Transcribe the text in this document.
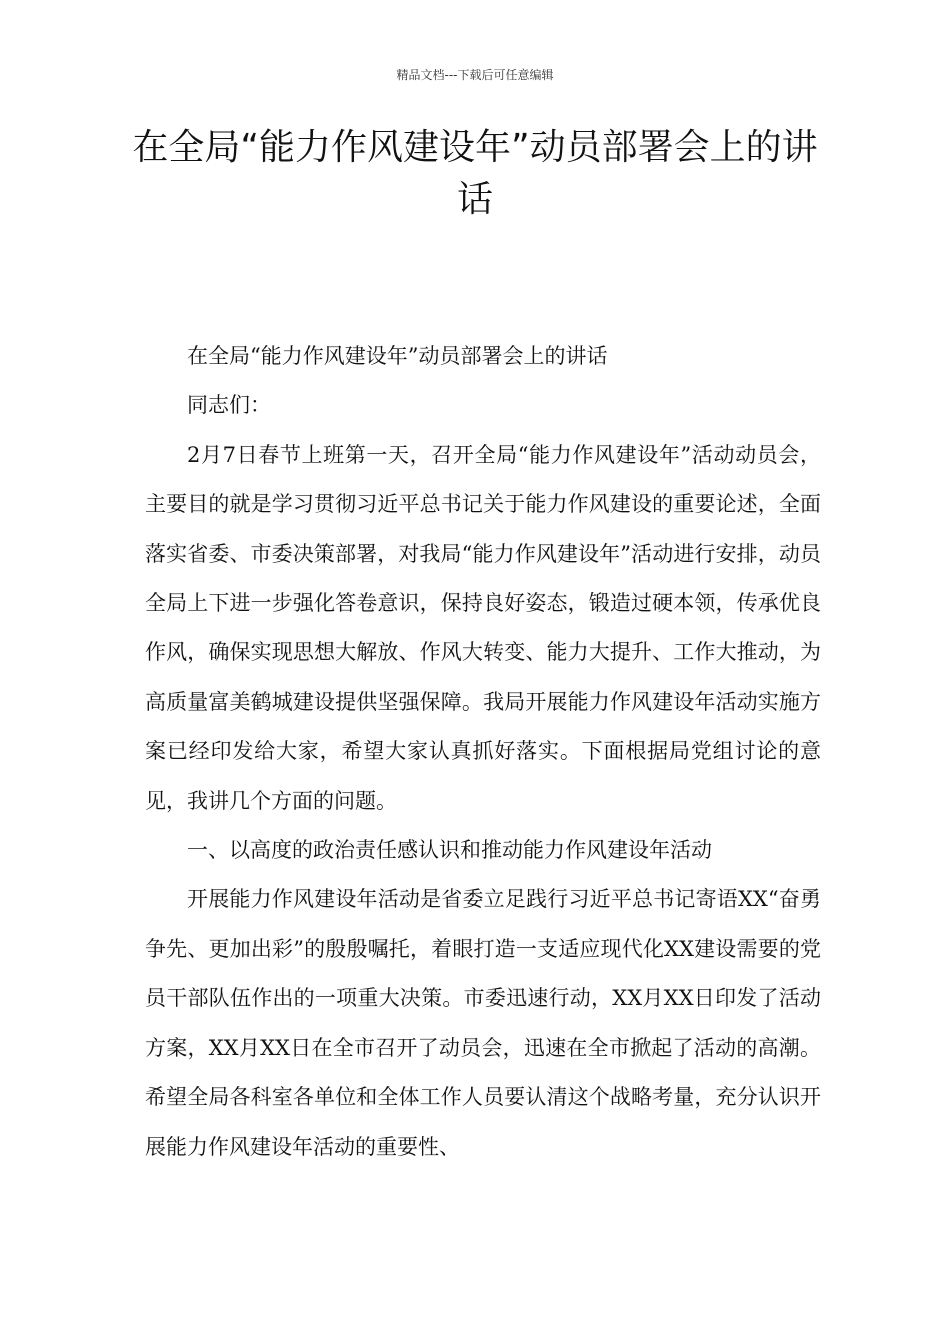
精品文档---下载后可任意编辑
在全局“能力作风建设年”动员部署会上的讲话

在全局“能力作风建设年”动员部署会上的讲话

同志们：

2月7日春节上班第一天，召开全局“能力作风建设年”活动动员会，主要目的就是学习贯彻习近平总书记关于能力作风建设的重要论述，全面落实省委、市委决策部署，对我局“能力作风建设年”活动进行安排，动员全局上下进一步强化答卷意识，保持良好姿态，锻造过硬本领，传承优良作风，确保实现思想大解放、作风大转变、能力大提升、工作大推动，为高质量富美鹤城建设提供坚强保障。我局开展能力作风建设年活动实施方案已经印发给大家，希望大家认真抓好落实。下面根据局党组讨论的意见，我讲几个方面的问题。

一、以高度的政治责任感认识和推动能力作风建设年活动

开展能力作风建设年活动是省委立足践行习近平总书记寄语XX“奋勇争先、更加出彩”的殷殷嘱托，着眼打造一支适应现代化XX建设需要的党员干部队伍作出的一项重大决策。市委迅速行动，XX月XX日印发了活动方案，XX月XX日在全市召开了动员会，迅速在全市掀起了活动的高潮。希望全局各科室各单位和全体工作人员要认清这个战略考量，充分认识开展能力作风建设年活动的重要性、
